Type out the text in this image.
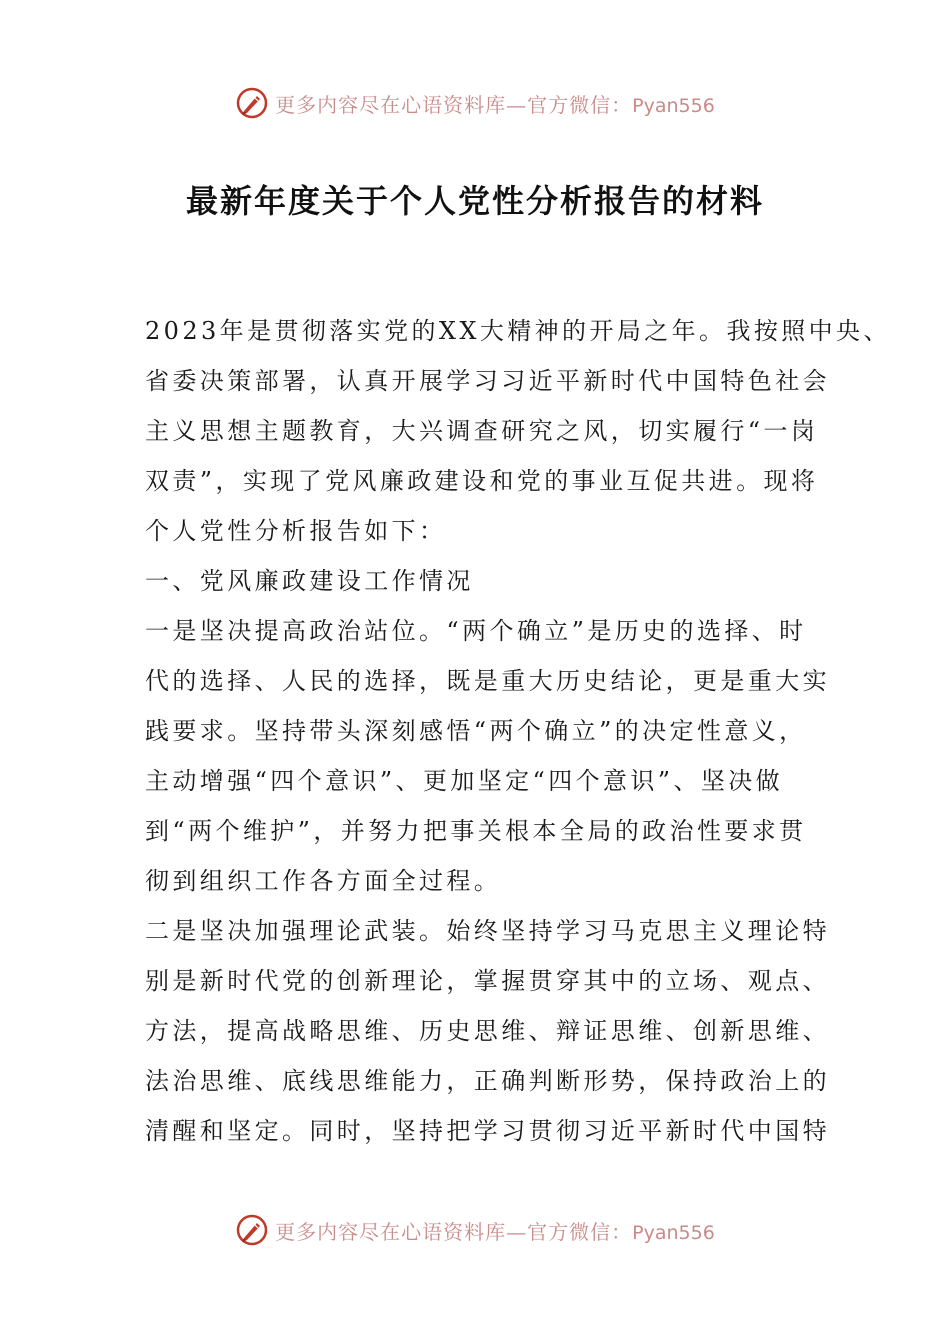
更多内容尽在心语资料库—官方微信：Pyan556
最新年度关于个人党性分析报告的材料
2023年是贯彻落实党的XX大精神的开局之年。我按照中央、
省委决策部署，认真开展学习习近平新时代中国特色社会
主义思想主题教育，大兴调查研究之风，切实履行“一岗
双责”，实现了党风廉政建设和党的事业互促共进。现将
个人党性分析报告如下：
一、党风廉政建设工作情况
一是坚决提高政治站位。“两个确立”是历史的选择、时
代的选择、人民的选择，既是重大历史结论，更是重大实
践要求。坚持带头深刻感悟“两个确立”的决定性意义，
主动增强“四个意识”、更加坚定“四个意识”、坚决做
到“两个维护”，并努力把事关根本全局的政治性要求贯
彻到组织工作各方面全过程。
二是坚决加强理论武装。始终坚持学习马克思主义理论特
别是新时代党的创新理论，掌握贯穿其中的立场、观点、
方法，提高战略思维、历史思维、辩证思维、创新思维、
法治思维、底线思维能力，正确判断形势，保持政治上的
清醒和坚定。同时，坚持把学习贯彻习近平新时代中国特
更多内容尽在心语资料库—官方微信：Pyan556
